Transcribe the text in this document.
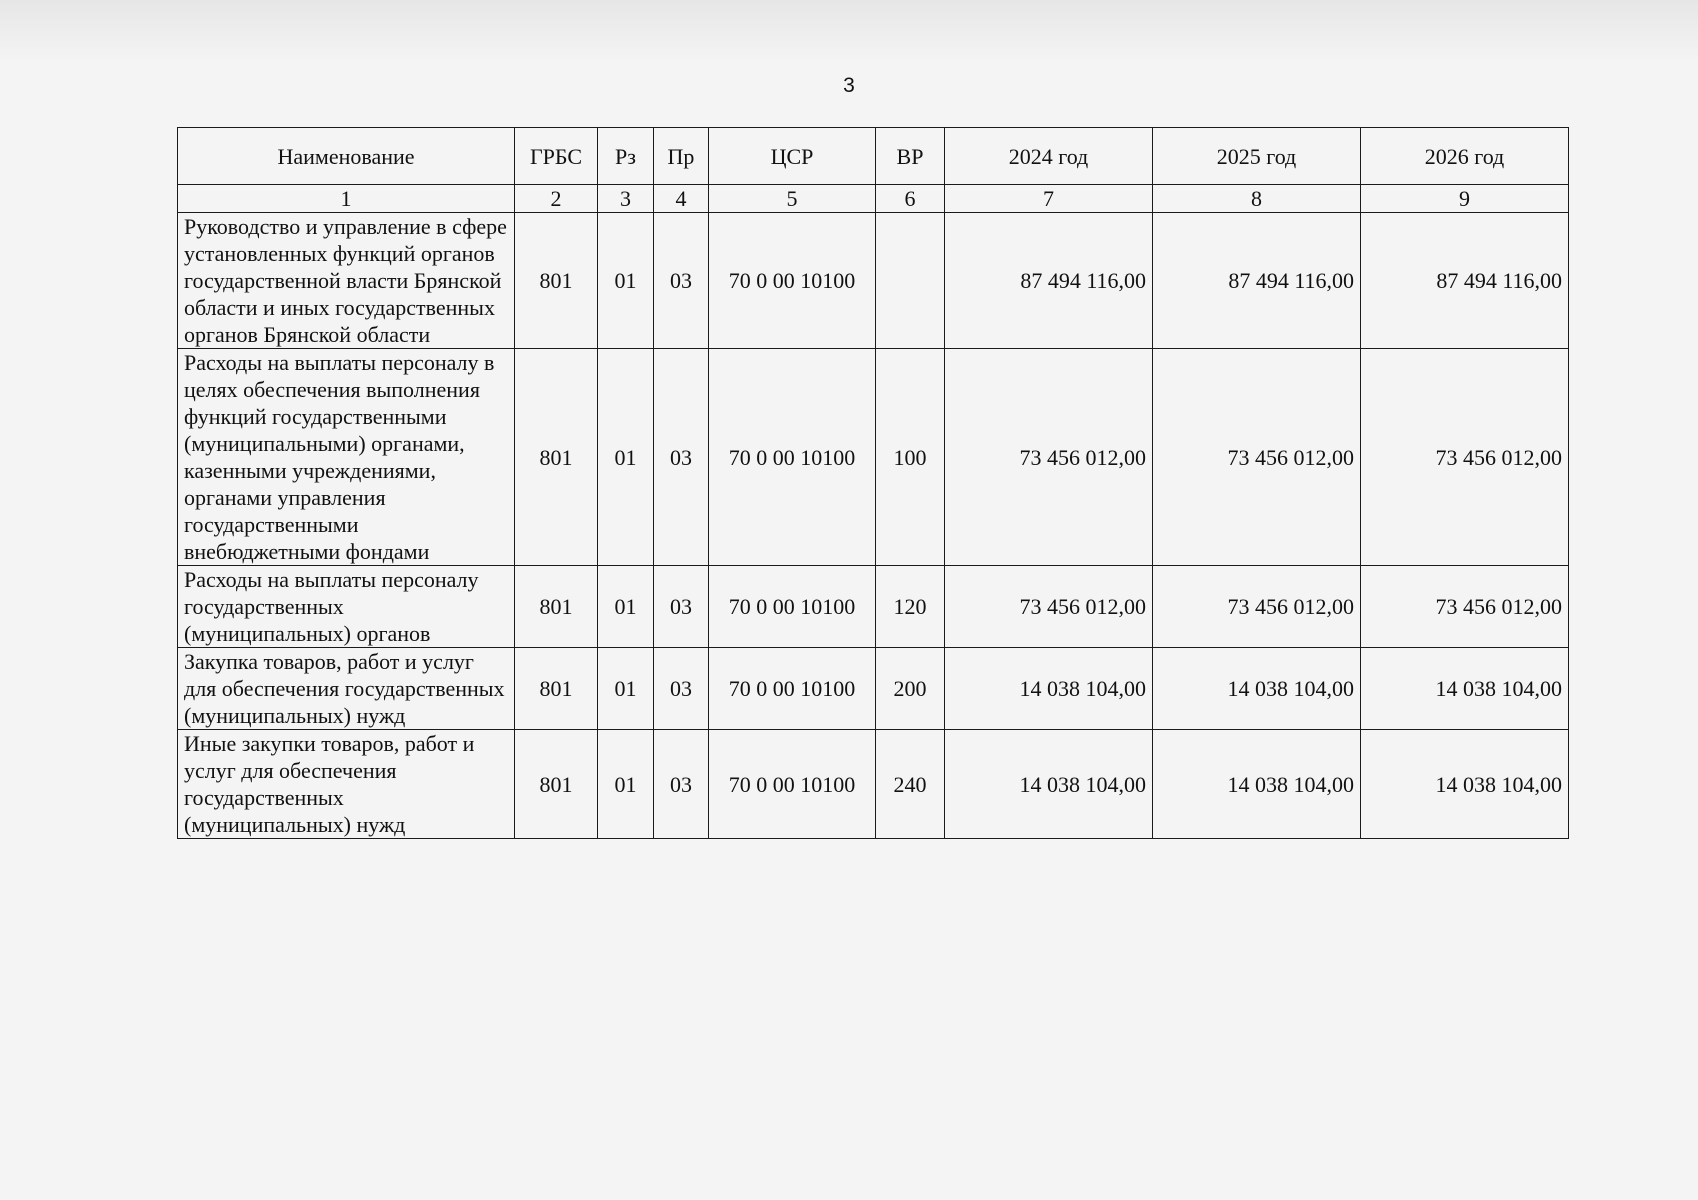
3
Наименование	ГРБС	Рз	Пр	ЦСР	ВР	2024 год	2025 год	2026 год
1	2	3	4	5	6	7	8	9
Руководство и управление в сфере установленных функций органов государственной власти Брянской области и иных государственных органов Брянской области	801	01	03	70 0 00 10100		87 494 116,00	87 494 116,00	87 494 116,00
Расходы на выплаты персоналу в целях обеспечения выполнения функций государственными (муниципальными) органами, казенными учреждениями, органами управления государственными внебюджетными фондами	801	01	03	70 0 00 10100	100	73 456 012,00	73 456 012,00	73 456 012,00
Расходы на выплаты персоналу государственных (муниципальных) органов	801	01	03	70 0 00 10100	120	73 456 012,00	73 456 012,00	73 456 012,00
Закупка товаров, работ и услуг для обеспечения государственных (муниципальных) нужд	801	01	03	70 0 00 10100	200	14 038 104,00	14 038 104,00	14 038 104,00
Иные закупки товаров, работ и услуг для обеспечения государственных (муниципальных) нужд	801	01	03	70 0 00 10100	240	14 038 104,00	14 038 104,00	14 038 104,00
